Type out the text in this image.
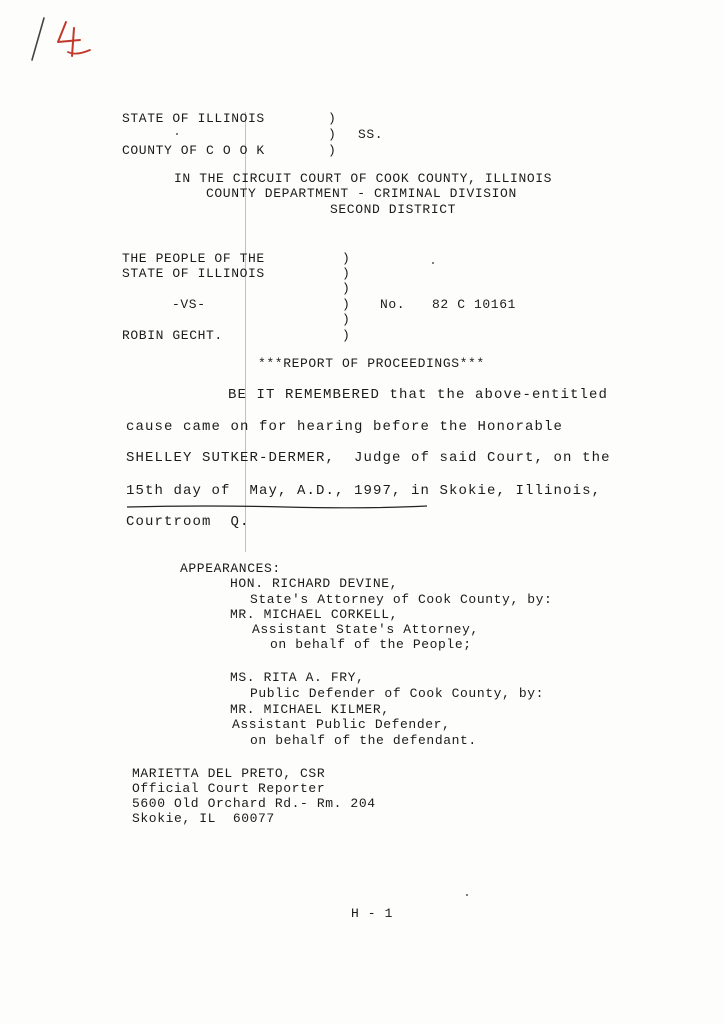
STATE OF ILLINOIS	)
) SS.
COUNTY OF C O O K	)
IN THE CIRCUIT COURT OF COOK COUNTY, ILLINOIS
COUNTY DEPARTMENT - CRIMINAL DIVISION
SECOND DISTRICT
THE PEOPLE OF THE
STATE OF ILLINOIS
-VS-
ROBIN GECHT.
)
)
)
)
)
)
No. 82 C 10161
***REPORT OF PROCEEDINGS***
BE IT REMEMBERED that the above-entitled
cause came on for hearing before the Honorable
SHELLEY SUTKER-DERMER,  Judge of said Court, on the
15th day of  May, A.D., 1997, in Skokie, Illinois,
Courtroom  Q.
APPEARANCES:
HON. RICHARD DEVINE,
State's Attorney of Cook County, by:
MR. MICHAEL CORKELL,
Assistant State's Attorney,
on behalf of the People;
MS. RITA A. FRY,
Public Defender of Cook County, by:
MR. MICHAEL KILMER,
Assistant Public Defender,
on behalf of the defendant.
MARIETTA DEL PRETO, CSR
Official Court Reporter
5600 Old Orchard Rd.- Rm. 204
Skokie, IL  60077
H - 1
